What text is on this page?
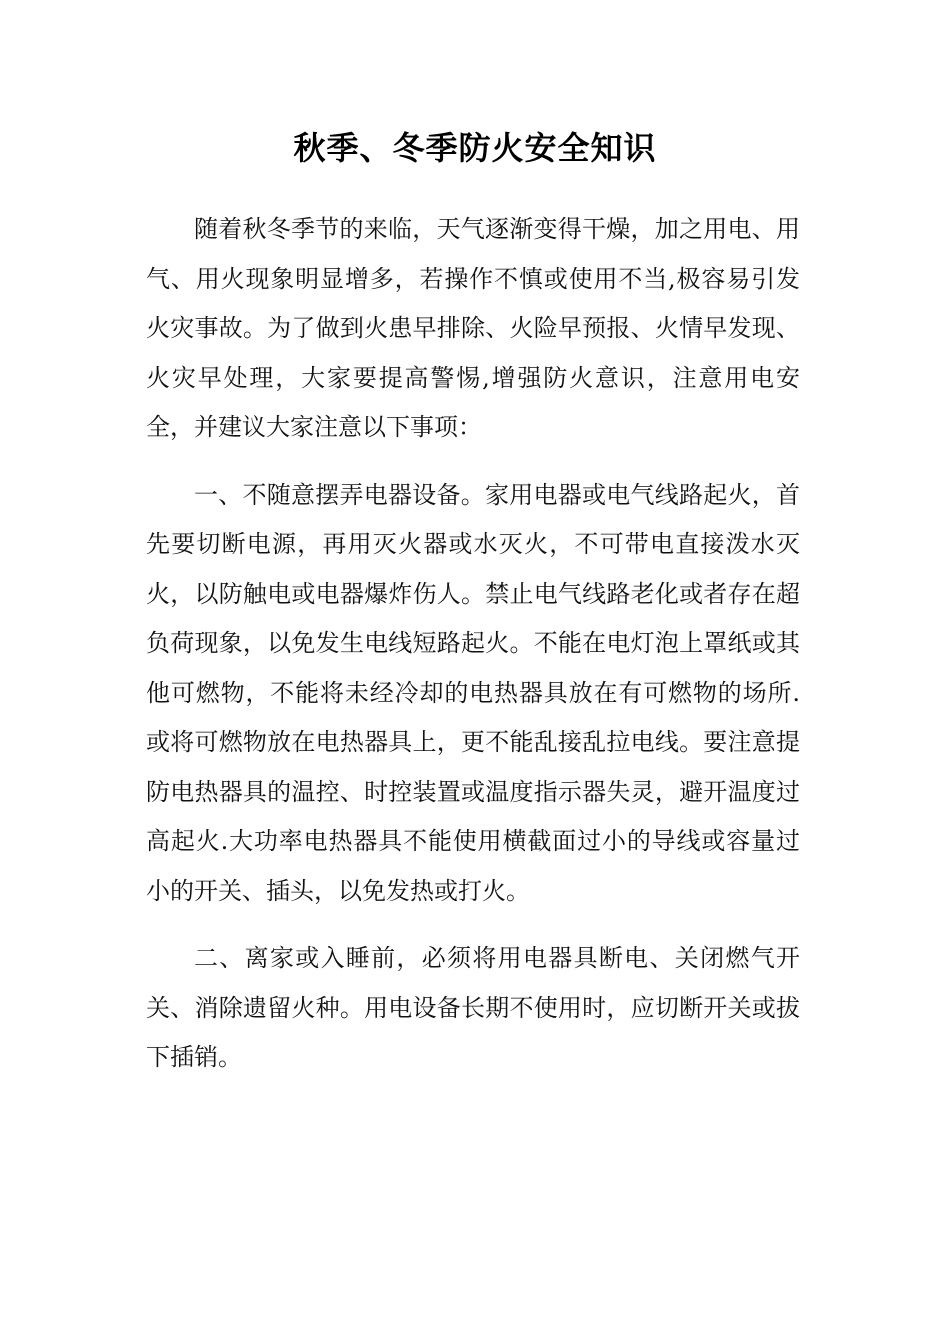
秋季、冬季防火安全知识

随着秋冬季节的来临，天气逐渐变得干燥，加之用电、用气、用火现象明显增多，若操作不慎或使用不当,极容易引发火灾事故。为了做到火患早排除、火险早预报、火情早发现、火灾早处理，大家要提高警惕,增强防火意识，注意用电安全，并建议大家注意以下事项：

一、不随意摆弄电器设备。家用电器或电气线路起火，首先要切断电源，再用灭火器或水灭火，不可带电直接泼水灭火，以防触电或电器爆炸伤人。禁止电气线路老化或者存在超负荷现象，以免发生电线短路起火。不能在电灯泡上罩纸或其他可燃物，不能将未经冷却的电热器具放在有可燃物的场所.或将可燃物放在电热器具上，更不能乱接乱拉电线。要注意提防电热器具的温控、时控装置或温度指示器失灵，避开温度过高起火.大功率电热器具不能使用横截面过小的导线或容量过小的开关、插头，以免发热或打火。

二、离家或入睡前，必须将用电器具断电、关闭燃气开关、消除遗留火种。用电设备长期不使用时，应切断开关或拔下插销。
